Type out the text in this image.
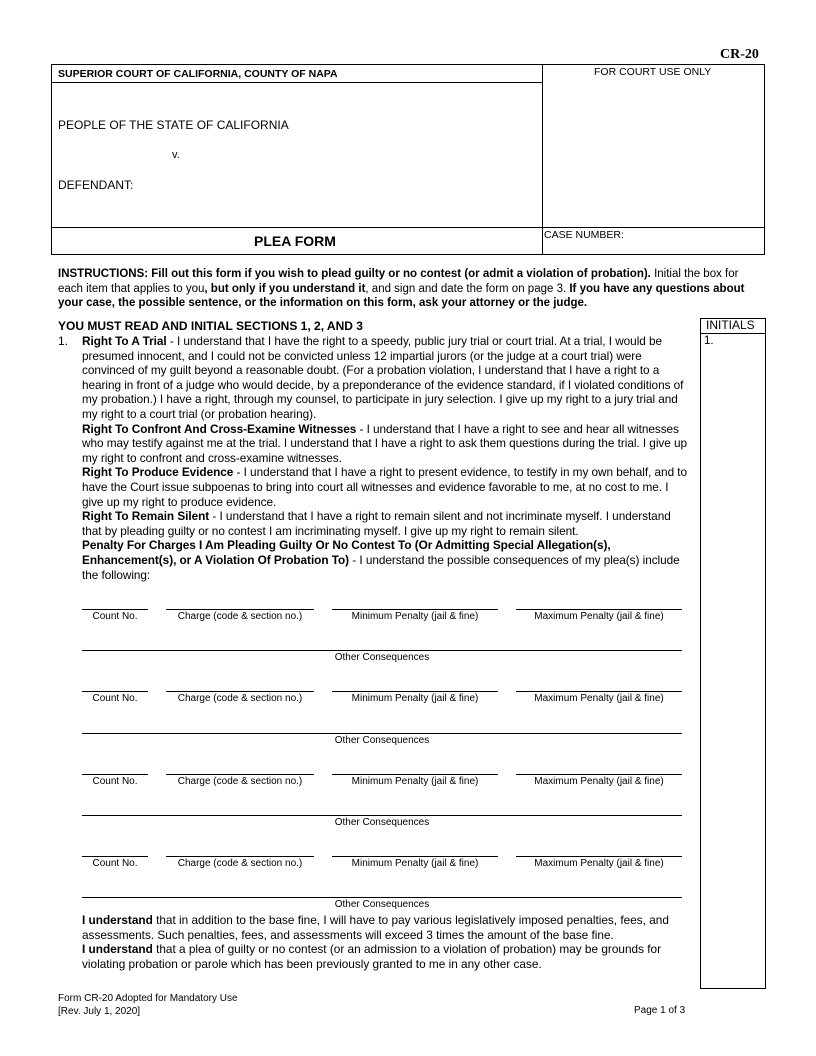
CR-20
SUPERIOR COURT OF CALIFORNIA, COUNTY OF NAPA	FOR COURT USE ONLY
PEOPLE OF THE STATE OF CALIFORNIA
v.
DEFENDANT:
PLEA FORM	CASE NUMBER:
INSTRUCTIONS: Fill out this form if you wish to plead guilty or no contest (or admit a violation of probation). Initial the box for each item that applies to you, but only if you understand it, and sign and date the form on page 3. If you have any questions about your case, the possible sentence, or the information on this form, ask your attorney or the judge.
YOU MUST READ AND INITIAL SECTIONS 1, 2, AND 3	INITIALS
1.
1. Right To A Trial - I understand that I have the right to a speedy, public jury trial or court trial. At a trial, I would be presumed innocent, and I could not be convicted unless 12 impartial jurors (or the judge at a court trial) were convinced of my guilt beyond a reasonable doubt. (For a probation violation, I understand that I have a right to a hearing in front of a judge who would decide, by a preponderance of the evidence standard, if I violated conditions of my probation.) I have a right, through my counsel, to participate in jury selection. I give up my right to a jury trial and my right to a court trial (or probation hearing).

Right To Confront And Cross-Examine Witnesses - I understand that I have a right to see and hear all witnesses who may testify against me at the trial. I understand that I have a right to ask them questions during the trial. I give up my right to confront and cross-examine witnesses.

Right To Produce Evidence - I understand that I have a right to present evidence, to testify in my own behalf, and to have the Court issue subpoenas to bring into court all witnesses and evidence favorable to me, at no cost to me. I give up my right to produce evidence.

Right To Remain Silent - I understand that I have a right to remain silent and not incriminate myself. I understand that by pleading guilty or no contest I am incriminating myself. I give up my right to remain silent.

Penalty For Charges I Am Pleading Guilty Or No Contest To (Or Admitting Special Allegation(s), Enhancement(s), or A Violation Of Probation To) - I understand the possible consequences of my plea(s) include the following:

Count No.	Charge (code & section no.)	Minimum Penalty (jail & fine)	Maximum Penalty (jail & fine)
Other Consequences
Count No.	Charge (code & section no.)	Minimum Penalty (jail & fine)	Maximum Penalty (jail & fine)
Other Consequences
Count No.	Charge (code & section no.)	Minimum Penalty (jail & fine)	Maximum Penalty (jail & fine)
Other Consequences
Count No.	Charge (code & section no.)	Minimum Penalty (jail & fine)	Maximum Penalty (jail & fine)
Other Consequences

I understand that in addition to the base fine, I will have to pay various legislatively imposed penalties, fees, and assessments. Such penalties, fees, and assessments will exceed 3 times the amount of the base fine.

I understand that a plea of guilty or no contest (or an admission to a violation of probation) may be grounds for violating probation or parole which has been previously granted to me in any other case.

Form CR-20 Adopted for Mandatory Use
[Rev. July 1, 2020]	Page 1 of 3
